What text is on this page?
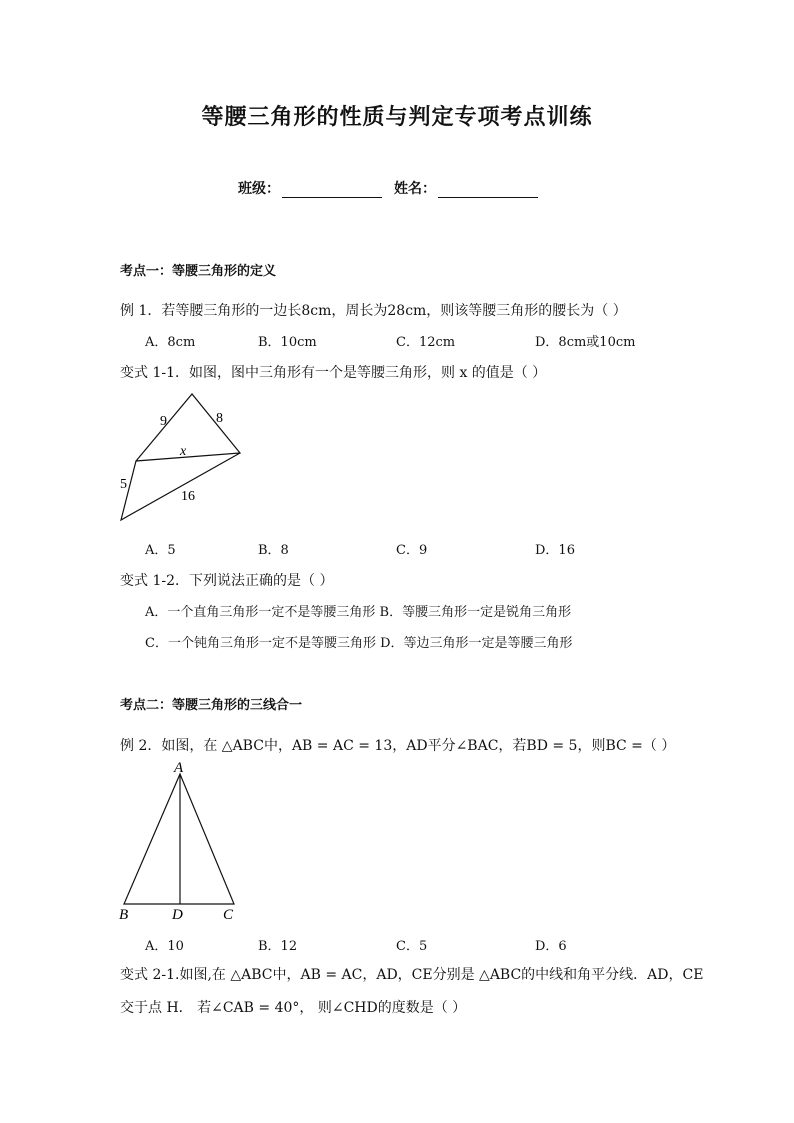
等腰三角形的性质与判定专项考点训练
班级：	姓名：
考点一：等腰三角形的定义
例 1．若等腰三角形的一边长8cm，周长为28cm，则该等腰三角形的腰长为（ ）
A．8cm	B．10cm	C．12cm	D．8cm或10cm
变式 1-1．如图，图中三角形有一个是等腰三角形，则 x 的值是（ ）
9	8
x
5
16
A．5	B．8	C．9	D．16
变式 1-2．下列说法正确的是（ ）
A．一个直角三角形一定不是等腰三角形 B．等腰三角形一定是锐角三角形
C．一个钝角三角形一定不是等腰三角形 D．等边三角形一定是等腰三角形
考点二：等腰三角形的三线合一
例 2．如图，在 △ABC中，AB = AC = 13，AD平分∠BAC，若BD = 5，则BC =（ ）
A
B	D	C
A．10	B．12	C．5	D．6
变式 2-1.如图,在 △ABC中，AB = AC，AD，CE分别是 △ABC的中线和角平分线．AD，CE
交于点 H． 若∠CAB = 40°， 则∠CHD的度数是（ ）
